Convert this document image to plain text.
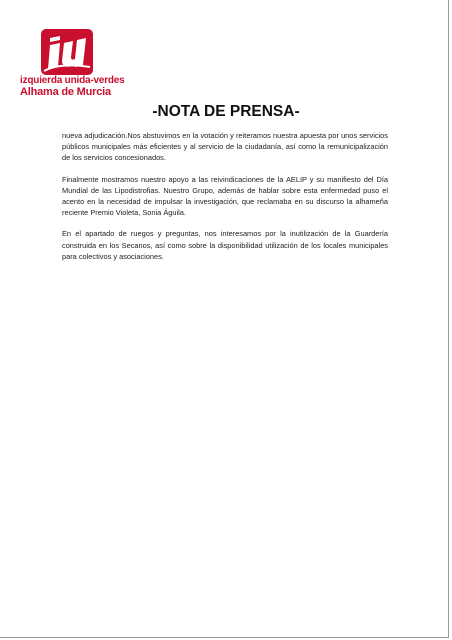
izquierda unida-verdes
Alhama de Murcia
-NOTA DE PRENSA-

nueva adjudicación.Nos abstuvimos en la votación y reiteramos nuestra apuesta por unos servicios públicos municipales más eficientes y al servicio de la ciudadanía, así como la remunicipalización de los servicios concesionados.

Finalmente mostramos nuestro apoyo a las reivindicaciones de la AELIP y su manifiesto del Día Mundial de las Lipodistrofias. Nuestro Grupo, además de hablar sobre esta enfermedad puso el acento en la necesidad de impulsar la investigación, que reclamaba en su discurso la alhameña reciente Premio Violeta, Sonia Águila.

En el apartado de ruegos y preguntas, nos interesamos por la inutilización de la Guardería construida en los Secanos, así como sobre la disponibilidad utilización de los locales municipales para colectivos y asociaciones.
